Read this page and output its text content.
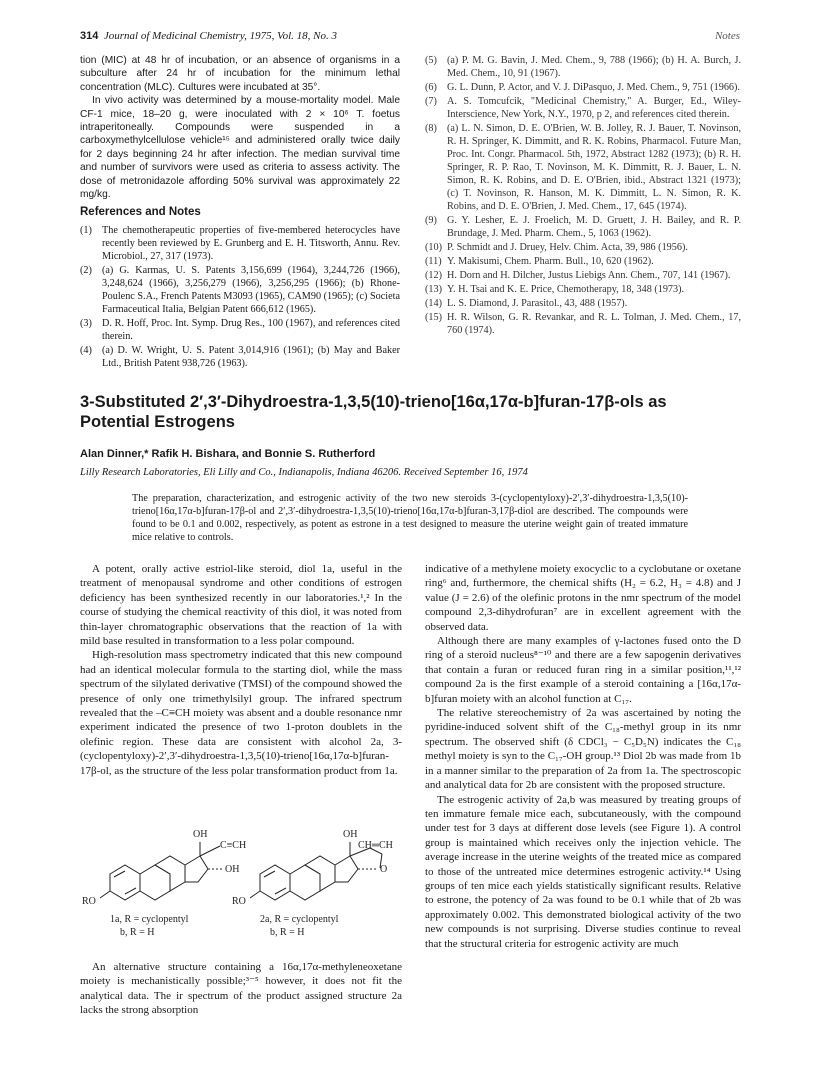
314 Journal of Medicinal Chemistry, 1975, Vol. 18, No. 3	Notes

tion (MIC) at 48 hr of incubation, or an absence of organisms in a subculture after 24 hr of incubation for the minimum lethal concentration (MLC). Cultures were incubated at 35°.

In vivo activity was determined by a mouse-mortality model. Male CF-1 mice, 18–20 g, were inoculated with 2 × 10⁶ T. foetus intraperitoneally. Compounds were suspended in a carboxymethylcellulose vehicle¹⁵ and administered orally twice daily for 2 days beginning 24 hr after infection. The median survival time and number of survivors were used as criteria to assess activity. The dose of metronidazole affording 50% survival was approximately 22 mg/kg.

References and Notes
(1) The chemotherapeutic properties of five-membered heterocycles have recently been reviewed by E. Grunberg and E. H. Titsworth, Annu. Rev. Microbiol., 27, 317 (1973).
(2) (a) G. Karmas, U. S. Patents 3,156,699 (1964), 3,244,726 (1966), 3,248,624 (1966), 3,256,279 (1966), 3,256,295 (1966); (b) Rhone-Poulenc S.A., French Patents M3093 (1965), CAM90 (1965); (c) Societa Farmaceutical Italia, Belgian Patent 666,612 (1965).
(3) D. R. Hoff, Proc. Int. Symp. Drug Res., 100 (1967), and references cited therein.
(4) (a) D. W. Wright, U. S. Patent 3,014,916 (1961); (b) May and Baker Ltd., British Patent 938,726 (1963).
(5) (a) P. M. G. Bavin, J. Med. Chem., 9, 788 (1966); (b) H. A. Burch, J. Med. Chem., 10, 91 (1967).
(6) G. L. Dunn, P. Actor, and V. J. DiPasquo, J. Med. Chem., 9, 751 (1966).
(7) A. S. Tomcufcik, "Medicinal Chemistry," A. Burger, Ed., Wiley-Interscience, New York, N.Y., 1970, p 2, and references cited therein.
(8) (a) L. N. Simon, D. E. O'Brien, W. B. Jolley, R. J. Bauer, T. Novinson, R. H. Springer, K. Dimmitt, and R. K. Robins, Pharmacol. Future Man, Proc. Int. Congr. Pharmacol. 5th, 1972, Abstract 1282 (1973); (b) R. H. Springer, R. P. Rao, T. Novinson, M. K. Dimmitt, R. J. Bauer, L. N. Simon, R. K. Robins, and D. E. O'Brien, ibid., Abstract 1321 (1973); (c) T. Novinson, R. Hanson, M. K. Dimmitt, L. N. Simon, R. K. Robins, and D. E. O'Brien, J. Med. Chem., 17, 645 (1974).
(9) G. Y. Lesher, E. J. Froelich, M. D. Gruett, J. H. Bailey, and R. P. Brundage, J. Med. Pharm. Chem., 5, 1063 (1962).
(10) P. Schmidt and J. Druey, Helv. Chim. Acta, 39, 986 (1956).
(11) Y. Makisumi, Chem. Pharm. Bull., 10, 620 (1962).
(12) H. Dorn and H. Dilcher, Justus Liebigs Ann. Chem., 707, 141 (1967).
(13) Y. H. Tsai and K. E. Price, Chemotherapy, 18, 348 (1973).
(14) L. S. Diamond, J. Parasitol., 43, 488 (1957).
(15) H. R. Wilson, G. R. Revankar, and R. L. Tolman, J. Med. Chem., 17, 760 (1974).
3-Substituted 2′,3′-Dihydroestra-1,3,5(10)-trieno[16α,17α-b]furan-17β-ols as Potential Estrogens
Alan Dinner,* Rafik H. Bishara, and Bonnie S. Rutherford
Lilly Research Laboratories, Eli Lilly and Co., Indianapolis, Indiana 46206. Received September 16, 1974
The preparation, characterization, and estrogenic activity of the two new steroids 3-(cyclopentyloxy)-2′,3′-dihydroestra-1,3,5(10)-trieno[16α,17α-b]furan-17β-ol and 2′,3′-dihydroestra-1,3,5(10)-trieno[16α,17α-b]furan-3,17β-diol are described. The compounds were found to be 0.1 and 0.002, respectively, as potent as estrone in a test designed to measure the uterine weight gain of treated immature mice relative to controls.

A potent, orally active estriol-like steroid, diol 1a, useful in the treatment of menopausal syndrome and other conditions of estrogen deficiency has been synthesized recently in our laboratories.¹,² In the course of studying the chemical reactivity of this diol, it was noted from thin-layer chromatographic observations that the reaction of 1a with mild base resulted in transformation to a less polar compound.

High-resolution mass spectrometry indicated that this new compound had an identical molecular formula to the starting diol, while the mass spectrum of the silylated derivative (TMSI) of the compound showed the presence of only one trimethylsilyl group. The infrared spectrum revealed that the –C≡CH moiety was absent and a double resonance nmr experiment indicated the presence of two 1-proton doublets in the olefinic region. These data are consistent with alcohol 2a, 3-(cyclopentyloxy)-2′,3′-dihydroestra-1,3,5(10)-trieno[16α,17α-b]furan-17β-ol, as the structure of the less polar transformation product from 1a.

OH
C≡CH
OH
RO
OH
CH═CH
O
RO
1a, R = cyclopentyl
b, R = H
2a, R = cyclopentyl
b, R = H

An alternative structure containing a 16α,17α-methyleneoxetane moiety is mechanistically possible;³⁻⁵ however, it does not fit the analytical data. The ir spectrum of the product assigned structure 2a lacks the strong absorption

indicative of a methylene moiety exocyclic to a cyclobutane or oxetane ring⁶ and, furthermore, the chemical shifts (H₂ = 6.2, H₃ = 4.8) and J value (J = 2.6) of the olefinic protons in the nmr spectrum of the model compound 2,3-dihydrofuran⁷ are in excellent agreement with the observed data.

Although there are many examples of γ-lactones fused onto the D ring of a steroid nucleus⁸⁻¹⁰ and there are a few sapogenin derivatives that contain a furan or reduced furan ring in a similar position,¹¹,¹² compound 2a is the first example of a steroid containing a [16α,17α-b]furan moiety with an alcohol function at C₁₇.

The relative stereochemistry of 2a was ascertained by noting the pyridine-induced solvent shift of the C₁₈-methyl group in its nmr spectrum. The observed shift (δ CDCl₃ − C₅D₅N) indicates the C₁₈ methyl moiety is syn to the C₁₇-OH group.¹³ Diol 2b was made from 1b in a manner similar to the preparation of 2a from 1a. The spectroscopic and analytical data for 2b are consistent with the proposed structure.

The estrogenic activity of 2a,b was measured by treating groups of ten immature female mice each, subcutaneously, with the compound under test for 3 days at different dose levels (see Figure 1). A control group is maintained which receives only the injection vehicle. The average increase in the uterine weights of the treated mice as compared to those of the untreated mice determines estrogenic activity.¹⁴ Using groups of ten mice each yields statistically significant results. Relative to estrone, the potency of 2a was found to be 0.1 while that of 2b was approximately 0.002. This demonstrated biological activity of the two new compounds is not surprising. Diverse studies continue to reveal that the structural criteria for estrogenic activity are much
